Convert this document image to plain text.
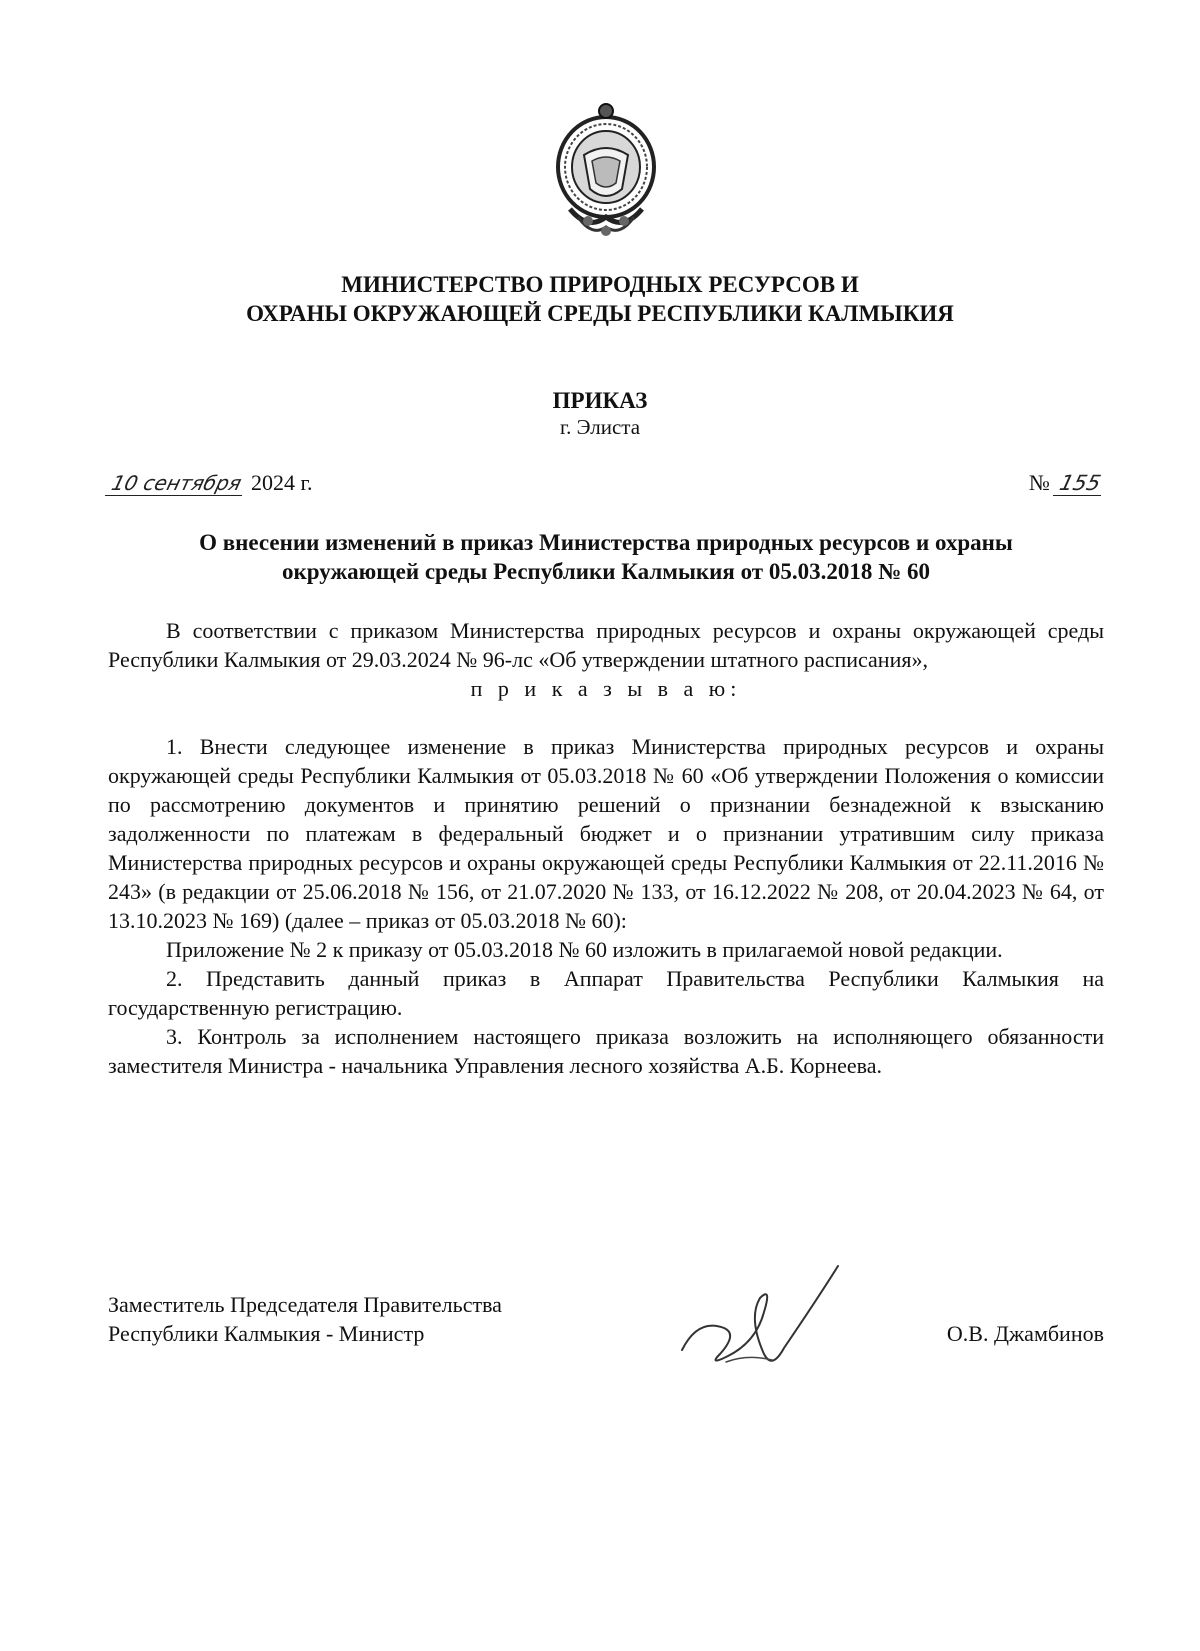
МИНИСТЕРСТВО ПРИРОДНЫХ РЕСУРСОВ И
ОХРАНЫ ОКРУЖАЮЩЕЙ СРЕДЫ РЕСПУБЛИКИ КАЛМЫКИЯ
ПРИКАЗ
г. Элиста
10 сентября 2024 г.	№ 155
О внесении изменений в приказ Министерства природных ресурсов и охраны
окружающей среды Республики Калмыкия от 05.03.2018 № 60

В соответствии с приказом Министерства природных ресурсов и охраны окружающей среды Республики Калмыкия от 29.03.2024 № 96-лс «Об утверждении штатного расписания»,

п р и к а з ы в а ю:

1. Внести следующее изменение в приказ Министерства природных ресурсов и охраны окружающей среды Республики Калмыкия от 05.03.2018 № 60 «Об утверждении Положения о комиссии по рассмотрению документов и принятию решений о признании безнадежной к взысканию задолженности по платежам в федеральный бюджет и о признании утратившим силу приказа Министерства природных ресурсов и охраны окружающей среды Республики Калмыкия от 22.11.2016 № 243» (в редакции от 25.06.2018 № 156, от 21.07.2020 № 133, от 16.12.2022 № 208, от 20.04.2023 № 64, от 13.10.2023 № 169) (далее – приказ от 05.03.2018 № 60):

Приложение № 2 к приказу от 05.03.2018 № 60 изложить в прилагаемой новой редакции.

2. Представить данный приказ в Аппарат Правительства Республики Калмыкия на государственную регистрацию.

3. Контроль за исполнением настоящего приказа возложить на исполняющего обязанности заместителя Министра - начальника Управления лесного хозяйства А.Б. Корнеева.

Заместитель Председателя Правительства
Республики Калмыкия - Министр	О.В. Джамбинов
